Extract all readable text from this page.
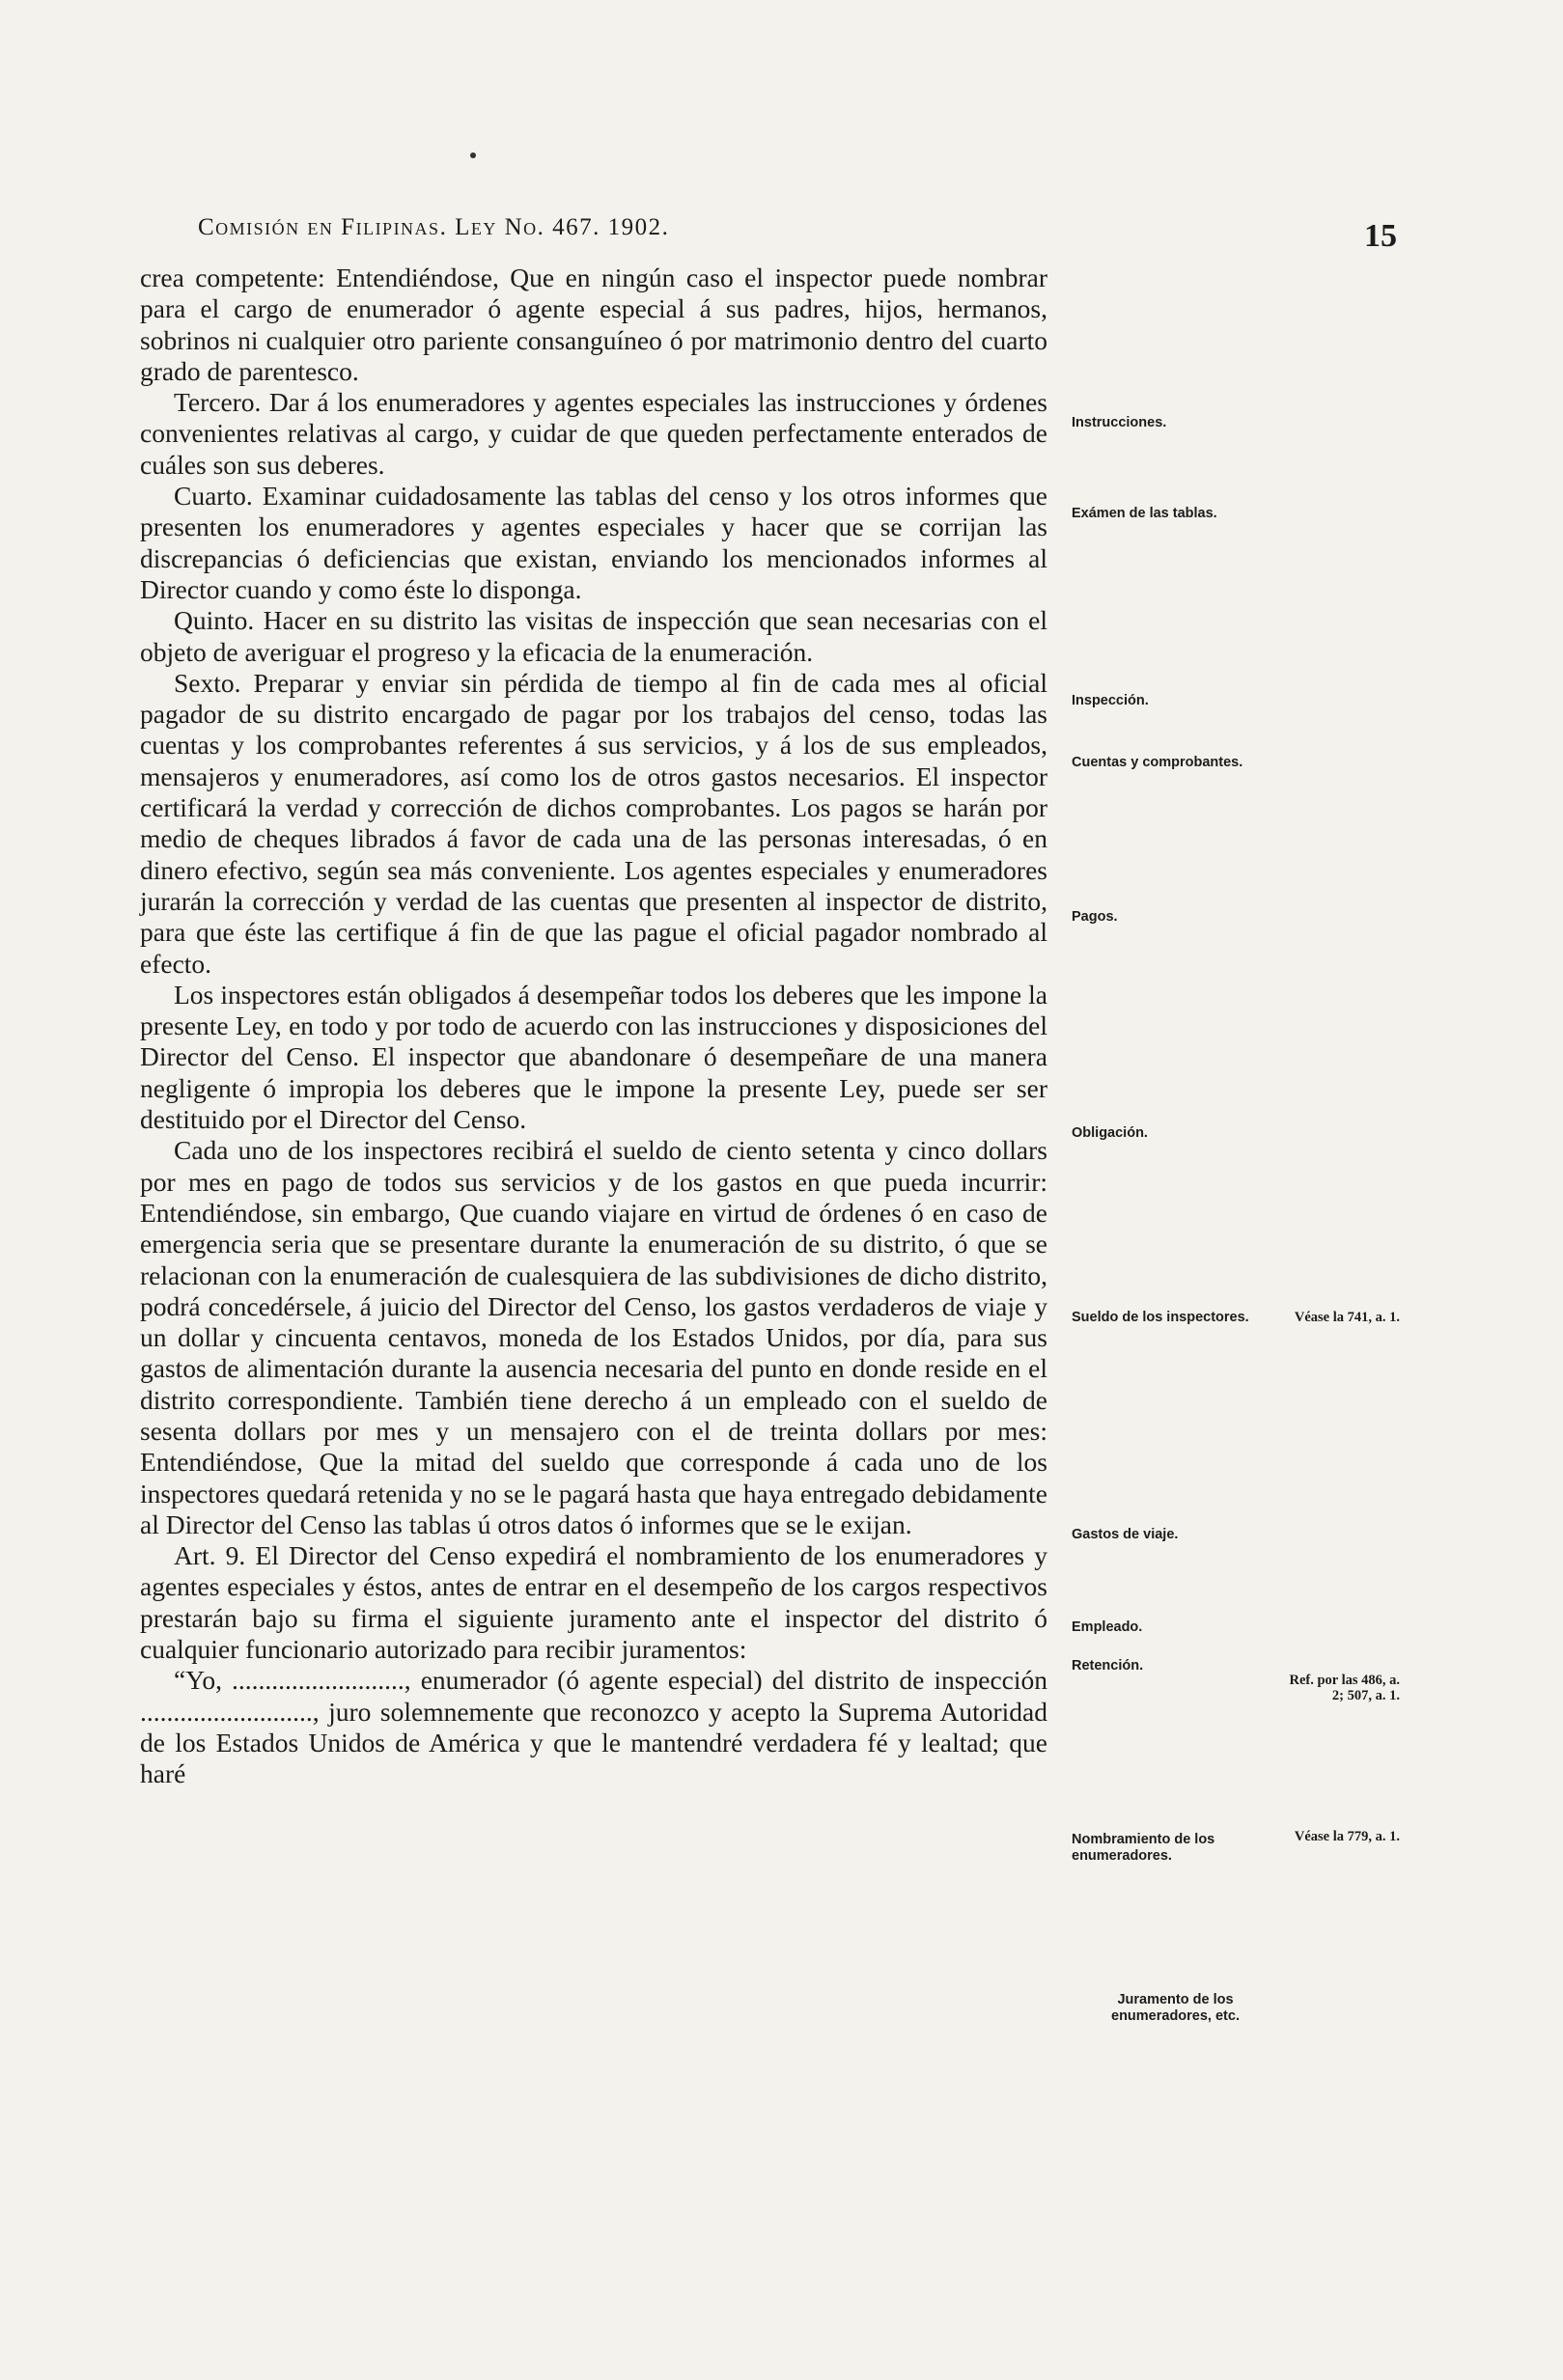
Comisión en Filipinas. Ley No. 467. 1902.	15

crea competente: Entendiéndose, Que en ningún caso el inspector puede nombrar para el cargo de enumerador ó agente especial á sus padres, hijos, hermanos, sobrinos ni cualquier otro pariente consanguíneo ó por matrimonio dentro del cuarto grado de parentesco.

Tercero. Dar á los enumeradores y agentes especiales las instrucciones y órdenes convenientes relativas al cargo, y cuidar de que queden perfectamente enterados de cuáles son sus deberes.

Cuarto. Examinar cuidadosamente las tablas del censo y los otros informes que presenten los enumeradores y agentes especiales y hacer que se corrijan las discrepancias ó deficiencias que existan, enviando los mencionados informes al Director cuando y como éste lo disponga.

Quinto. Hacer en su distrito las visitas de inspección que sean necesarias con el objeto de averiguar el progreso y la eficacia de la enumeración.

Sexto. Preparar y enviar sin pérdida de tiempo al fin de cada mes al oficial pagador de su distrito encargado de pagar por los trabajos del censo, todas las cuentas y los comprobantes referentes á sus servicios, y á los de sus empleados, mensajeros y enumeradores, así como los de otros gastos necesarios. El inspector certificará la verdad y corrección de dichos comprobantes. Los pagos se harán por medio de cheques librados á favor de cada una de las personas interesadas, ó en dinero efectivo, según sea más conveniente. Los agentes especiales y enumeradores jurarán la corrección y verdad de las cuentas que presenten al inspector de distrito, para que éste las certifique á fin de que las pague el oficial pagador nombrado al efecto.

Los inspectores están obligados á desempeñar todos los deberes que les impone la presente Ley, en todo y por todo de acuerdo con las instrucciones y disposiciones del Director del Censo. El inspector que abandonare ó desempeñare de una manera negligente ó impropia los deberes que le impone la presente Ley, puede ser ser destituido por el Director del Censo.

Cada uno de los inspectores recibirá el sueldo de ciento setenta y cinco dollars por mes en pago de todos sus servicios y de los gastos en que pueda incurrir: Entendiéndose, sin embargo, Que cuando viajare en virtud de órdenes ó en caso de emergencia seria que se presentare durante la enumeración de su distrito, ó que se relacionan con la enumeración de cualesquiera de las subdivisiones de dicho distrito, podrá concedérsele, á juicio del Director del Censo, los gastos verdaderos de viaje y un dollar y cincuenta centavos, moneda de los Estados Unidos, por día, para sus gastos de alimentación durante la ausencia necesaria del punto en donde reside en el distrito correspondiente. También tiene derecho á un empleado con el sueldo de sesenta dollars por mes y un mensajero con el de treinta dollars por mes: Entendiéndose, Que la mitad del sueldo que corresponde á cada uno de los inspectores quedará retenida y no se le pagará hasta que haya entregado debidamente al Director del Censo las tablas ú otros datos ó informes que se le exijan.

Art. 9. El Director del Censo expedirá el nombramiento de los enumeradores y agentes especiales y éstos, antes de entrar en el desempeño de los cargos respectivos prestarán bajo su firma el siguiente juramento ante el inspector del distrito ó cualquier funcionario autorizado para recibir juramentos:

“Yo, .........................., enumerador (ó agente especial) del distrito de inspección .........................., juro solemnemente que reconozco y acepto la Suprema Autoridad de los Estados Unidos de América y que le mantendré verdadera fé y lealtad; que haré

Instrucciones.
Exámen de las tablas.
Inspección.
Cuentas y comprobantes.
Pagos.
Obligación.
Sueldo de los inspectores.
Gastos de viaje.
Empleado.
Retención.
Nombramiento de los enumeradores.
Juramento de los enumeradores, etc.
Véase la 741, a. 1.
Ref. por las 486, a. 2; 507, a. 1.
Véase la 779, a. 1.
